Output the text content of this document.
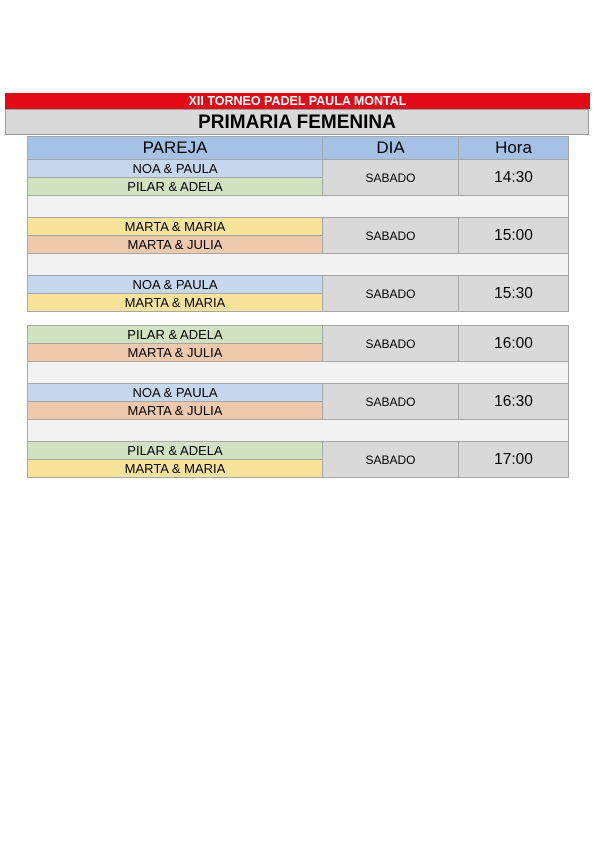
XII TORNEO PADEL PAULA MONTAL
PRIMARIA FEMENINA
PAREJA	DIA	Hora
NOA & PAULA	SABADO	14:30
PILAR & ADELA		

MARTA & MARIA	SABADO	15:00
MARTA & JULIA		

NOA & PAULA	SABADO	15:30
MARTA & MARIA		

PILAR & ADELA	SABADO	16:00
MARTA & JULIA		

NOA & PAULA	SABADO	16:30
MARTA & JULIA		

PILAR & ADELA	SABADO	17:00
MARTA & MARIA		
